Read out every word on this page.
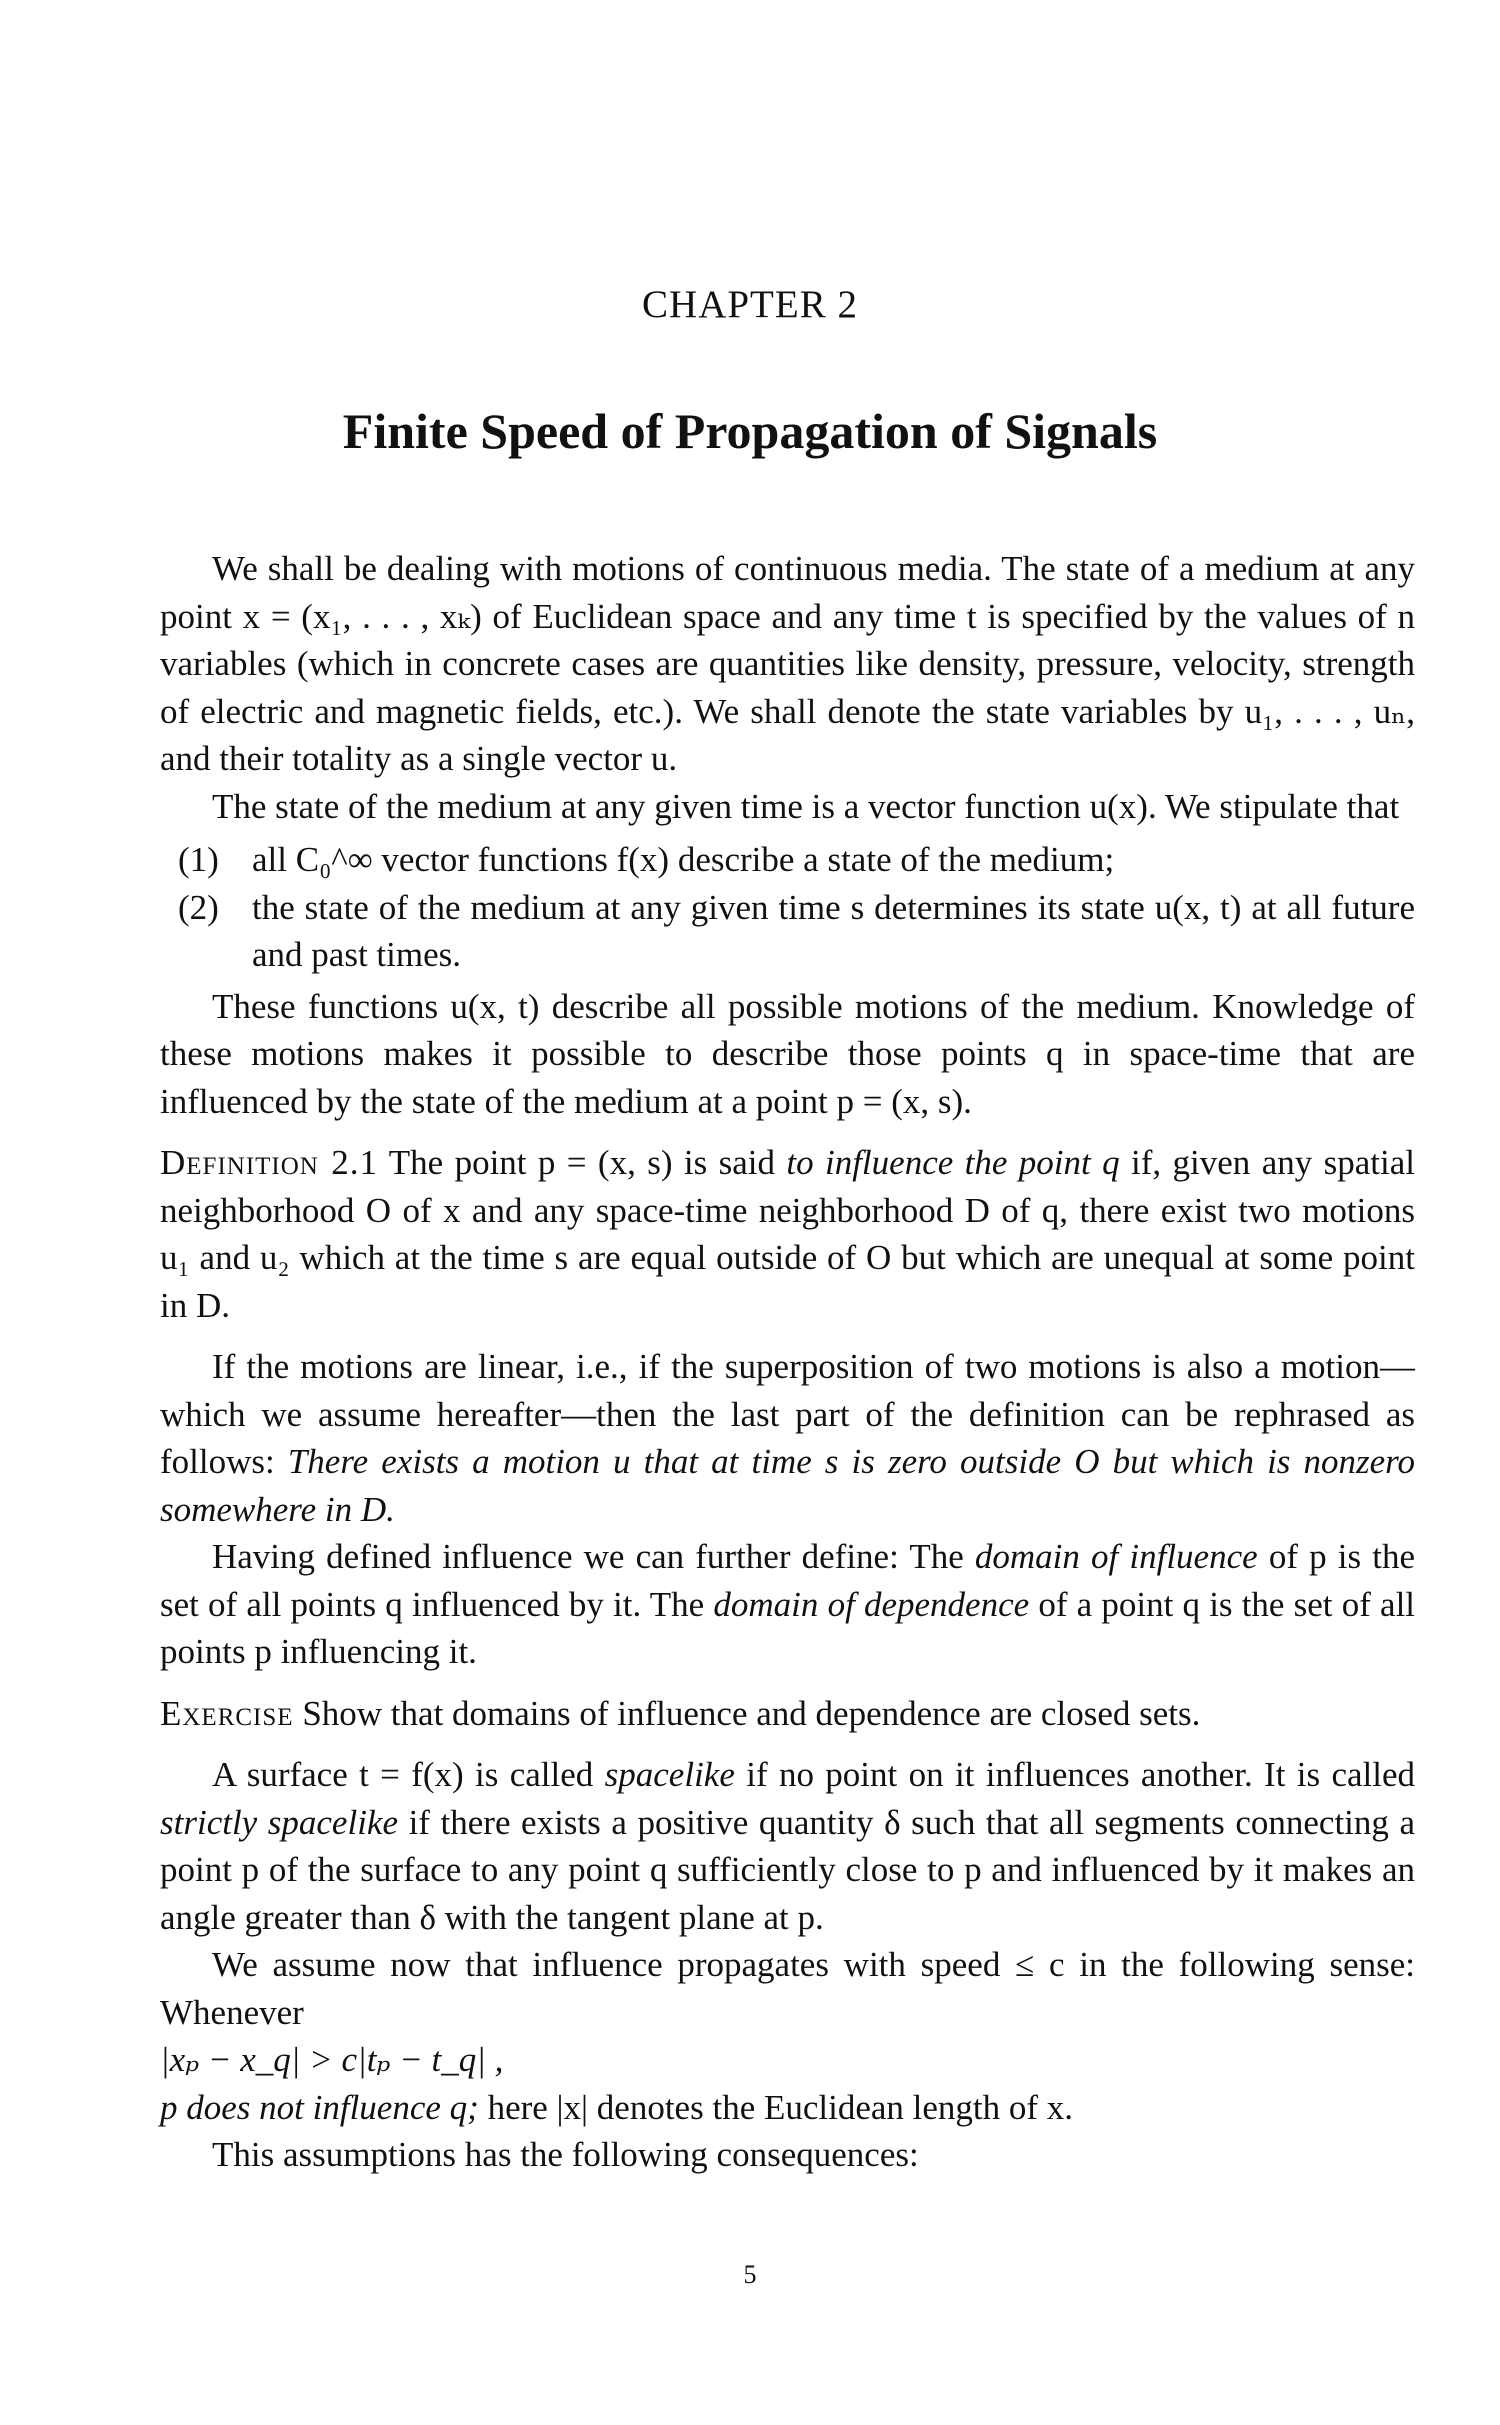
CHAPTER 2
Finite Speed of Propagation of Signals

We shall be dealing with motions of continuous media. The state of a medium at any point x = (x₁, . . . , xₖ) of Euclidean space and any time t is specified by the values of n variables (which in concrete cases are quantities like density, pressure, velocity, strength of electric and magnetic fields, etc.). We shall denote the state variables by u₁, . . . , uₙ, and their totality as a single vector u.

The state of the medium at any given time is a vector function u(x). We stipulate that

(1) all C₀^∞ vector functions f(x) describe a state of the medium;
(2) the state of the medium at any given time s determines its state u(x, t) at all future and past times.

These functions u(x, t) describe all possible motions of the medium. Knowledge of these motions makes it possible to describe those points q in space-time that are influenced by the state of the medium at a point p = (x, s).

Definition 2.1 The point p = (x, s) is said to influence the point q if, given any spatial neighborhood O of x and any space-time neighborhood D of q, there exist two motions u₁ and u₂ which at the time s are equal outside of O but which are unequal at some point in D.

If the motions are linear, i.e., if the superposition of two motions is also a motion—which we assume hereafter—then the last part of the definition can be rephrased as follows: There exists a motion u that at time s is zero outside O but which is nonzero somewhere in D.

Having defined influence we can further define: The domain of influence of p is the set of all points q influenced by it. The domain of dependence of a point q is the set of all points p influencing it.

Exercise Show that domains of influence and dependence are closed sets.

A surface t = f(x) is called spacelike if no point on it influences another. It is called strictly spacelike if there exists a positive quantity δ such that all segments connecting a point p of the surface to any point q sufficiently close to p and influenced by it makes an angle greater than δ with the tangent plane at p.

We assume now that influence propagates with speed ≤ c in the following sense: Whenever

|xₚ − x_q| > c|tₚ − t_q| ,

p does not influence q; here |x| denotes the Euclidean length of x.

This assumptions has the following consequences:

5
